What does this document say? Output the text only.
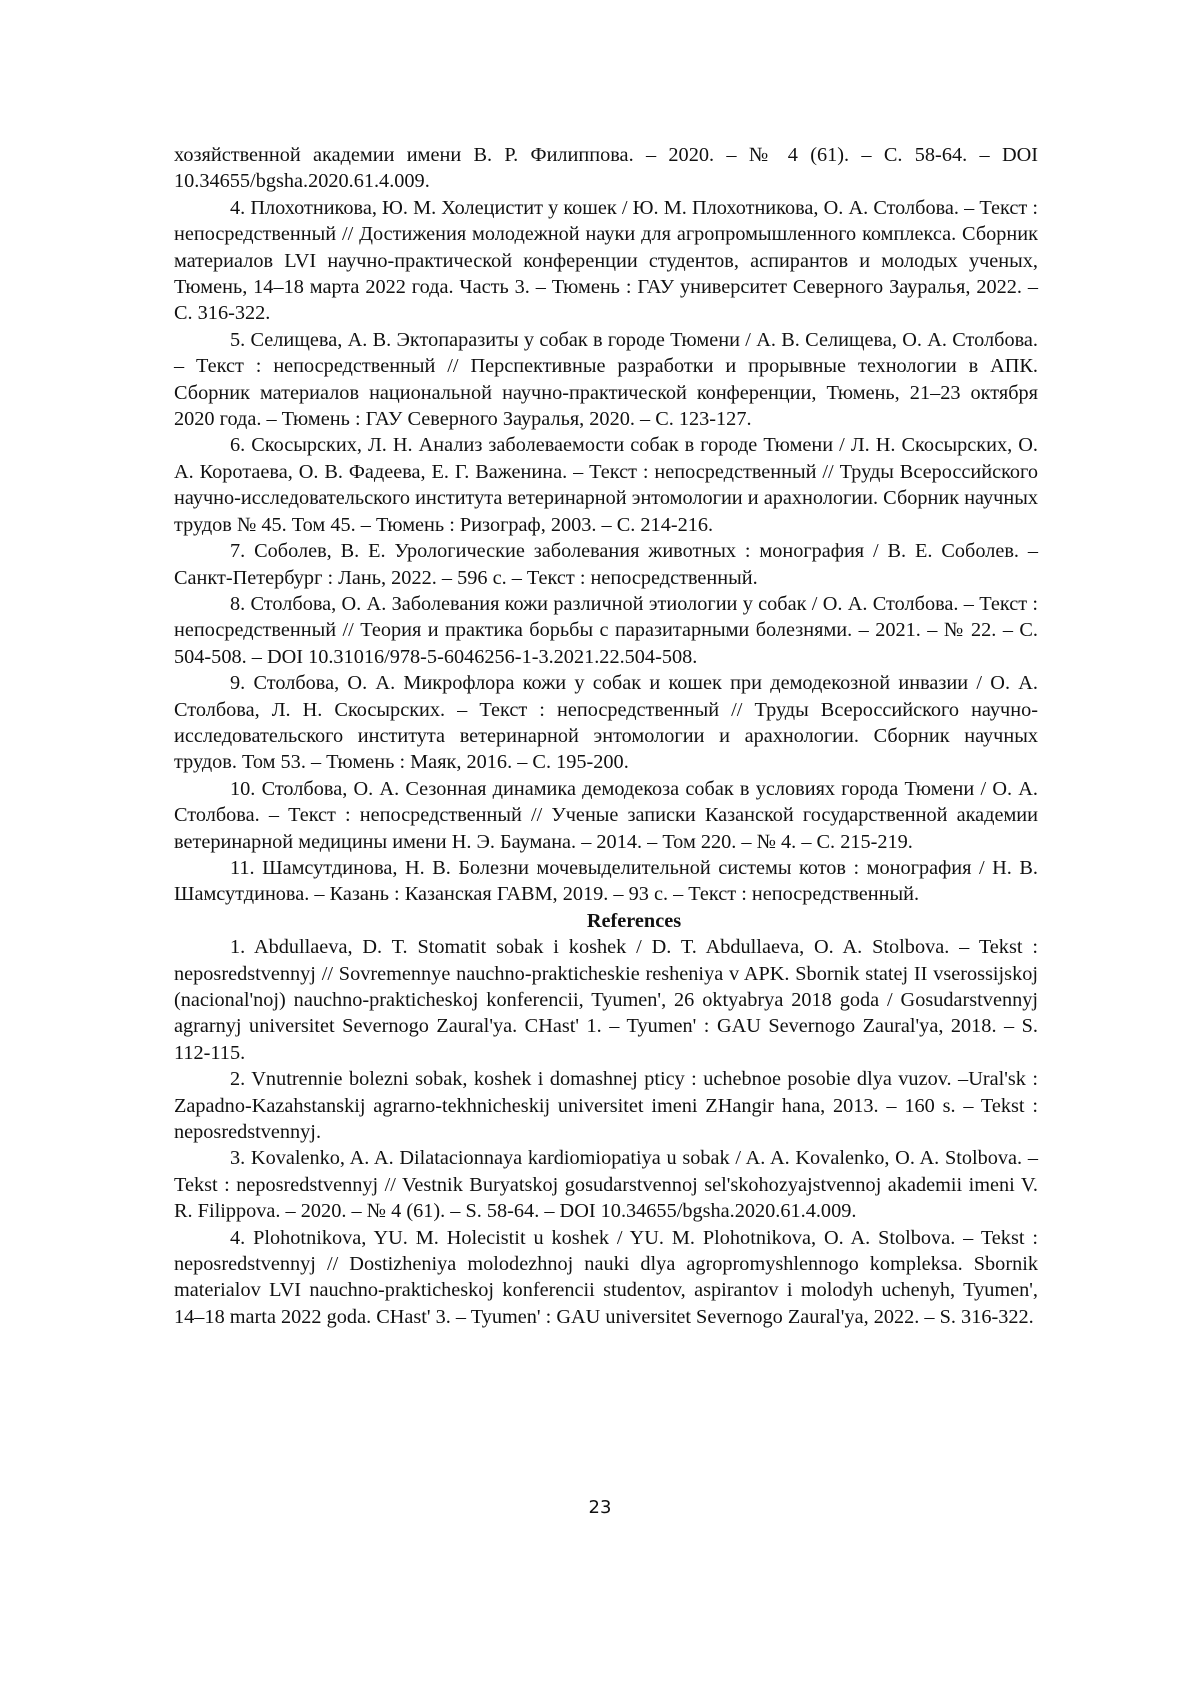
хозяйственной академии имени В. Р. Филиппова. – 2020. – № 4 (61). – С. 58-64. – DOI 10.34655/bgsha.2020.61.4.009.

4. Плохотникова, Ю. М. Холецистит у кошек / Ю. М. Плохотникова, О. А. Столбо­ва. – Текст : непосредственный // Достижения молодежной науки для агропромышленно­го комплекса. Сборник материалов LVI научно-практической конференции студентов, аспирантов и молодых ученых, Тюмень, 14–18 марта 2022 года. Часть 3. – Тюмень : ГАУ университет Северного Зауралья, 2022. – С. 316-322.

5. Селищева, А. В. Эктопаразиты у собак в городе Тюмени / А. В. Селищева, О. А. Столбова. – Текст : непосредственный // Перспективные разработки и прорывные техно­логии в АПК. Сборник материалов национальной научно-практической конференции, Тюмень, 21–23 октября 2020 года. – Тюмень : ГАУ Северного Зауралья, 2020. – С. 123-127.

6. Скосырских, Л. Н. Анализ заболеваемости собак в городе Тюмени / Л. Н. Ско­сырских, О. А. Коротаева, О. В. Фадеева, Е. Г. Важенина. – Текст : непосредственный // Труды Всероссийского научно-исследовательского института ветеринарной энтомологии и арахнологии. Сборник научных трудов № 45. Том 45. – Тюмень : Ризограф, 2003. – С. 214-216.

7. Соболев, В. Е. Урологические заболевания животных : монография / В. Е. Со­болев. – Санкт-Петербург : Лань, 2022. – 596 с. – Текст : непосредственный.

8. Столбова, О. А. Заболевания кожи различной этиологии у собак / О. А. Стол­бова. – Текст : непосредственный // Теория и практика борьбы с паразитарными болезня­ми. – 2021. – № 22. – С. 504-508. – DOI 10.31016/978-5-6046256-1-3.2021.22.504-508.

9. Столбова, О. А. Микрофлора кожи у собак и кошек при демодекозной инвазии / О. А. Столбова, Л. Н. Скосырских. – Текст : непосредственный // Труды Всероссийского научно-исследовательского института ветеринарной энтомологии и арахнологии. Сбор­ник научных трудов. Том 53. – Тюмень : Маяк, 2016. – С. 195-200.

10. Столбова, О. А. Сезонная динамика демодекоза собак в условиях города Тю­мени / О. А. Столбова. – Текст : непосредственный // Ученые записки Казанской государ­ственной академии ветеринарной медицины имени Н. Э. Баумана. – 2014. – Том 220. – № 4. – С. 215-219.

11. Шамсутдинова, Н. В. Болезни мочевыделительной системы котов : моногра­фия / Н. В. Шамсутдинова. – Казань : Казанская ГАВМ, 2019. – 93 с. – Текст : непосред­ственный.

References

1. Abdullaeva, D. T. Stomatit sobak i koshek / D. T. Abdullaeva, O. A. Stolbova. – Tekst : neposredstvennyj // Sovremennye nauchno-prakticheskie resheniya v APK. Sbornik statej II vserossijskoj (nacional'noj) nauchno-prakticheskoj konferencii, Tyumen', 26 oktyabrya 2018 goda / Gosudarstvennyj agrarnyj universitet Severnogo Zaural'ya. CHast' 1. – Tyumen' : GAU Severnogo Zaural'ya, 2018. – S. 112-115.

2. Vnutrennie bolezni sobak, koshek i domashnej pticy : uchebnoe posobie dlya vuzov. –Ural'sk : Zapadno-Kazahstanskij agrarno-tekhnicheskij universitet imeni ZHangir hana, 2013. – 160 s. – Tekst : neposredstvennyj.

3. Kovalenko, A. A. Dilatacionnaya kardiomiopatiya u sobak / A. A. Kovalenko, O. A. Stolbova. – Tekst : neposredstvennyj // Vestnik Buryatskoj gosudarstvennoj sel'skohozyajstven­noj akademii imeni V. R. Filippova. – 2020. – № 4 (61). – S. 58-64. – DOI 10.34655/bgsha.2020.61.4.009.

4. Plohotnikova, YU. M. Holecistit u koshek / YU. M. Plohotnikova, O. A. Stolbova. – Tekst : neposredstvennyj // Dostizheniya molodezhnoj nauki dlya agropromyshlennogo kom­pleksa. Sbornik materialov LVI nauchno-prakticheskoj konferencii studentov, aspirantov i mo­lodyh uchenyh, Tyumen', 14–18 marta 2022 goda. CHast' 3. – Tyumen' : GAU universitet Severnogo Zaural'ya, 2022. – S. 316-322.

23
